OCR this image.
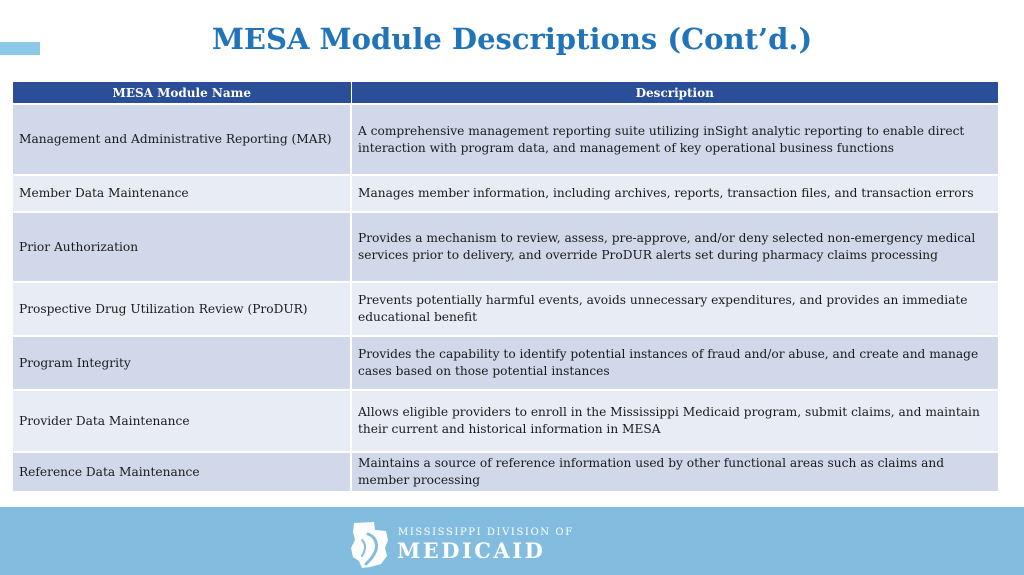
MESA Module Descriptions (Cont’d.)
MESA Module Name	Description
Management and Administrative Reporting (MAR)	A comprehensive management reporting suite utilizing inSight analytic reporting to enable direct interaction with program data, and management of key operational business functions
Member Data Maintenance	Manages member information, including archives, reports, transaction files, and transaction errors
Prior Authorization	Provides a mechanism to review, assess, pre-approve, and/or deny selected non-emergency medical services prior to delivery, and override ProDUR alerts set during pharmacy claims processing
Prospective Drug Utilization Review (ProDUR)	Prevents potentially harmful events, avoids unnecessary expenditures, and provides an immediate educational benefit
Program Integrity	Provides the capability to identify potential instances of fraud and/or abuse, and create and manage cases based on those potential instances
Provider Data Maintenance	Allows eligible providers to enroll in the Mississippi Medicaid program, submit claims, and maintain their current and historical information in MESA
Reference Data Maintenance	Maintains a source of reference information used by other functional areas such as claims and member processing
MISSISSIPPI DIVISION OF
MEDICAID
